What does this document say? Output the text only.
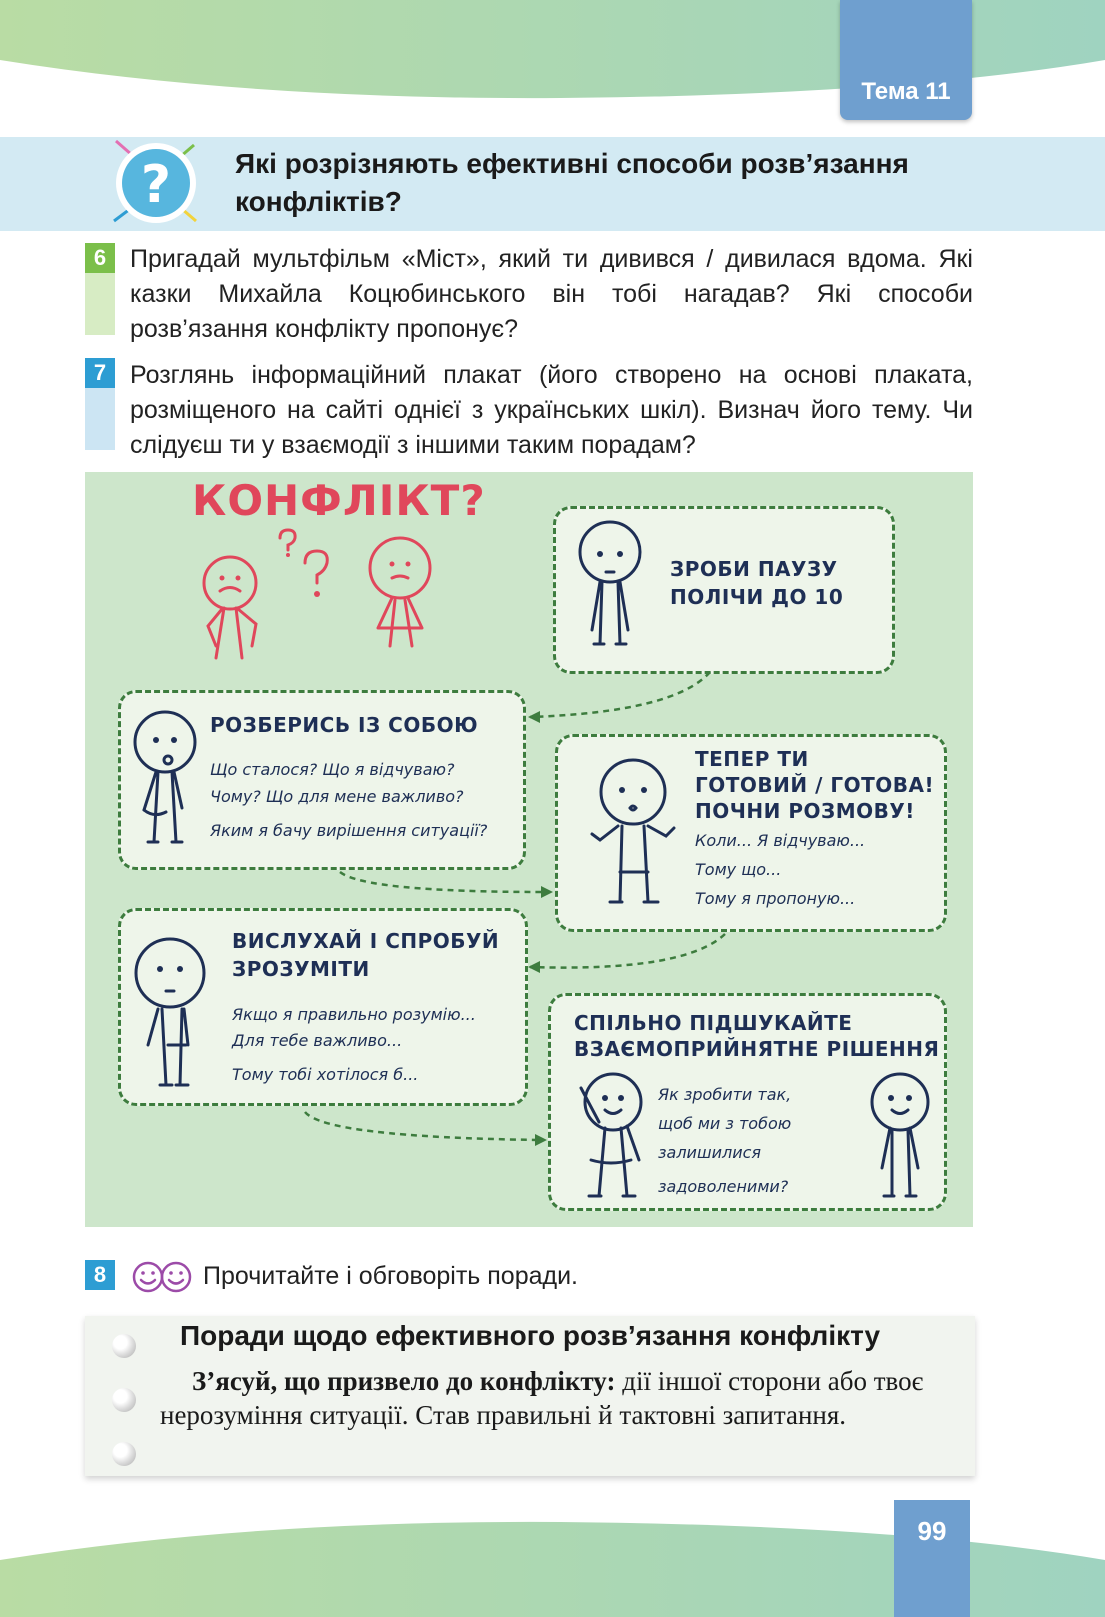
Тема 11
? Які розрізняють ефективні способи розв’язання конфліктів?
6 Пригадай мультфільм «Міст», який ти дивився / дивилася вдома. Які казки Михайла Коцюбинського він тобі нагадав? Які способи розв’язання конфлікту пропонує?
7 Розглянь інформаційний плакат (його створено на основі плаката, розміщеного на сайті однієї з українських шкіл). Визнач його тему. Чи слідуєш ти у взаємодії з іншими таким порадам?
КОНФЛІКТ?
ЗРОБИ ПАУЗУ
ПОЛІЧИ ДО 10
РОЗБЕРИСЬ ІЗ СОБОЮ
Що сталося? Що я відчуваю?
Чому? Що для мене важливо?
Яким я бачу вирішення ситуації?
ТЕПЕР ТИ
ГОТОВИЙ / ГОТОВА!
ПОЧНИ РОЗМОВУ!
Коли... Я відчуваю...
Тому що...
Тому я пропоную...
ВИСЛУХАЙ І СПРОБУЙ
ЗРОЗУМІТИ
Якщо я правильно розумію...
Для тебе важливо...
Тому тобі хотілося б...
СПІЛЬНО ПІДШУКАЙТЕ
ВЗАЄМОПРИЙНЯТНЕ РІШЕННЯ
Як зробити так,
щоб ми з тобою
залишилися
задоволеними?
8	Прочитайте і обговоріть поради.
Поради щодо ефективного розв’язання конфлікту
З’ясуй, що призвело до конфлікту: дії іншої сторони або твоє нерозуміння ситуації. Став правильні й тактовні запитання.
99
